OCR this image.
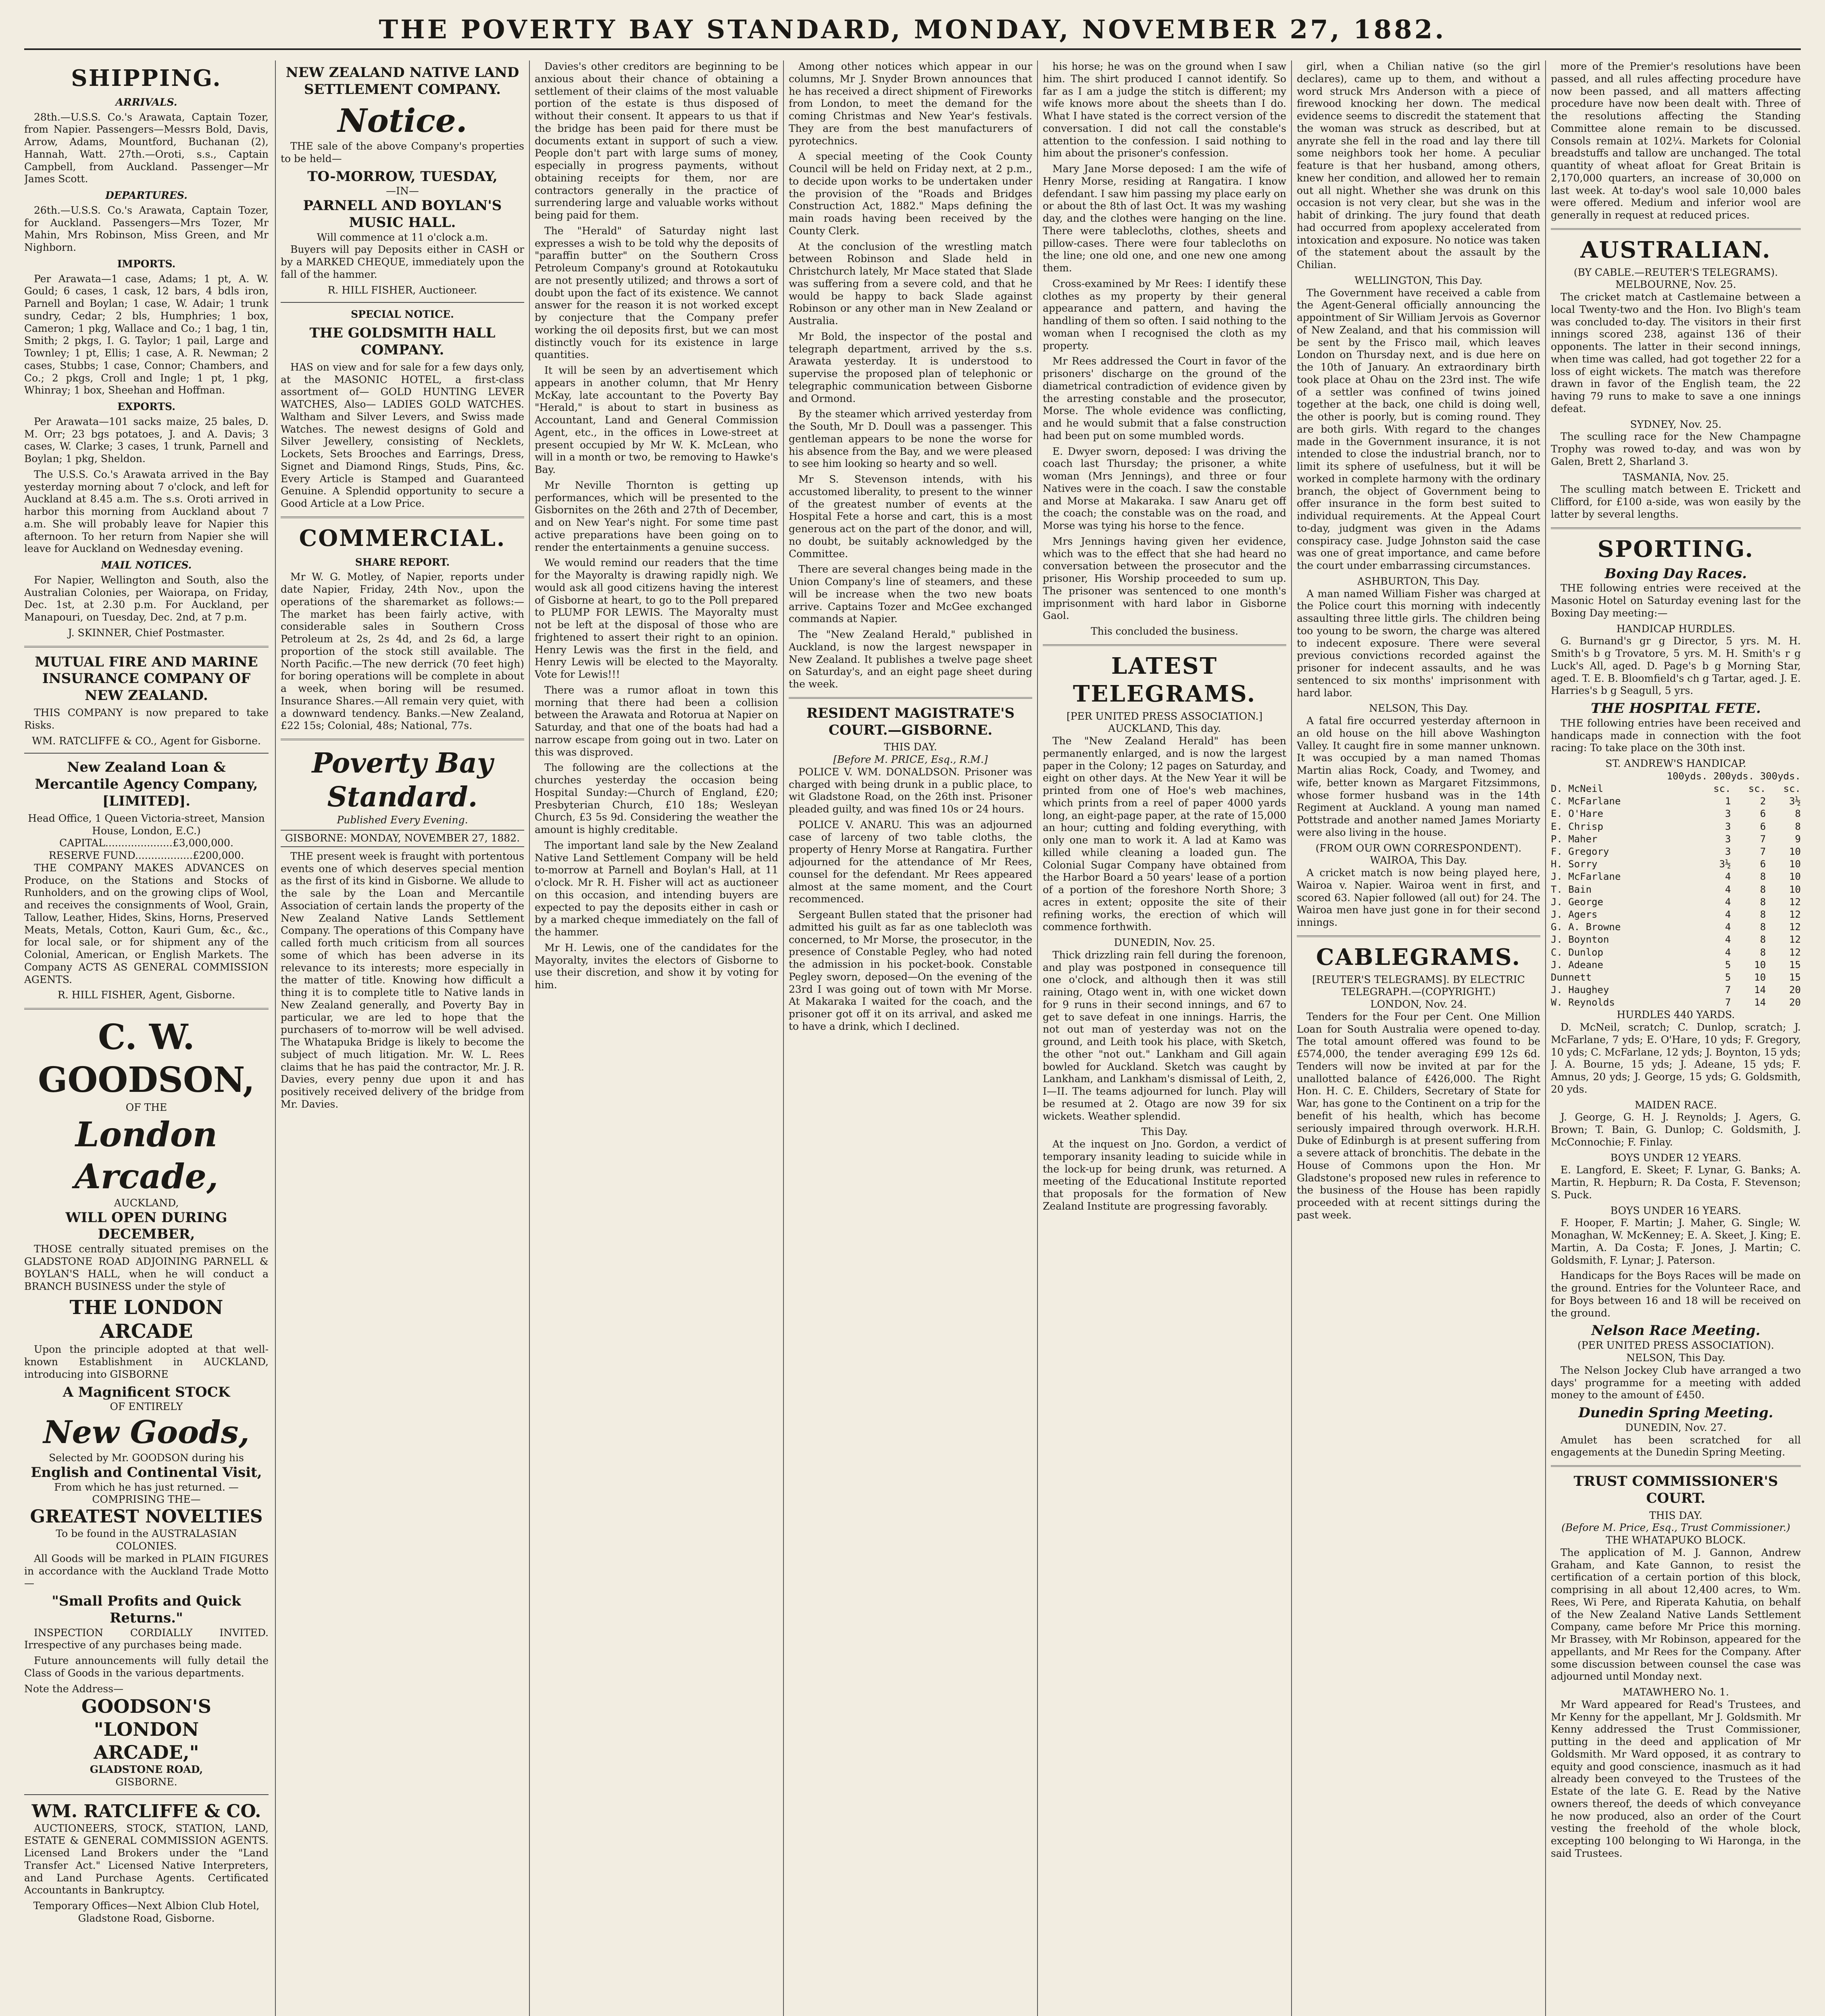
THE POVERTY BAY STANDARD, MONDAY, NOVEMBER 27, 1882.
SHIPPING.
ARRIVALS.

28th.—U.S.S. Co.'s Arawata, Captain Tozer, from Napier. Passengers—Messrs Bold, Davis, Arrow, Adams, Mountford, Buchanan (2), Hannah, Watt. 27th.—Oroti, s.s., Captain Campbell, from Auckland. Passenger—Mr James Scott.

DEPARTURES.

26th.—U.S.S. Co.'s Arawata, Captain Tozer, for Auckland. Passengers—Mrs Tozer, Mr Mahin, Mrs Robinson, Miss Green, and Mr Nighborn.

IMPORTS.

Per Arawata—1 case, Adams; 1 pt, A. W. Gould; 6 cases, 1 cask, 12 bars, 4 bdls iron, Parnell and Boylan; 1 case, W. Adair; 1 trunk sundry, Cedar; 2 bls, Humphries; 1 box, Cameron; 1 pkg, Wallace and Co.; 1 bag, 1 tin, Smith; 2 pkgs, I. G. Taylor; 1 pail, Large and Townley; 1 pt, Ellis; 1 case, A. R. Newman; 2 cases, Stubbs; 1 case, Connor; Chambers, and Co.; 2 pkgs, Croll and Ingle; 1 pt, 1 pkg, Whinray; 1 box, Sheehan and Hoffman.

EXPORTS.

Per Arawata—101 sacks maize, 25 bales, D. M. Orr; 23 bgs potatoes, J. and A. Davis; 3 cases, W. Clarke; 3 cases, 1 trunk, Parnell and Boylan; 1 pkg, Sheldon.

The U.S.S. Co.'s Arawata arrived in the Bay yesterday morning about 7 o'clock, and left for Auckland at 8.45 a.m. The s.s. Oroti arrived in harbor this morning from Auckland about 7 a.m. She will probably leave for Napier this afternoon. To her return from Napier she will leave for Auckland on Wednesday evening.

MAIL NOTICES.

For Napier, Wellington and South, also the Australian Colonies, per Waiorapa, on Friday, Dec. 1st, at 2.30 p.m. For Auckland, per Manapouri, on Tuesday, Dec. 2nd, at 7 p.m.

J. SKINNER, Chief Postmaster.
MUTUAL FIRE AND MARINE INSURANCE COMPANY OF NEW ZEALAND.

THIS COMPANY is now prepared to take Risks.

WM. RATCLIFFE & CO., Agent for Gisborne.
New Zealand Loan & Mercantile Agency Company, [LIMITED].
Head Office, 1 Queen Victoria-street, Mansion House, London, E.C.)
CAPITAL.....................£3,000,000.
RESERVE FUND..................£200,000.

THE COMPANY MAKES ADVANCES on Produce, on the Stations and Stocks of Runholders, and on the growing clips of Wool, and receives the consignments of Wool, Grain, Tallow, Leather, Hides, Skins, Horns, Preserved Meats, Metals, Cotton, Kauri Gum, &c., &c., for local sale, or for shipment any of the Colonial, American, or English Markets. The Company ACTS AS GENERAL COMMISSION AGENTS.

R. HILL FISHER, Agent, Gisborne.
C. W. GOODSON,
OF THE
London Arcade,
AUCKLAND,
WILL OPEN DURING DECEMBER,

THOSE centrally situated premises on the GLADSTONE ROAD ADJOINING PARNELL & BOYLAN'S HALL, when he will conduct a BRANCH BUSINESS under the style of

THE LONDON ARCADE

Upon the principle adopted at that well-known Establishment in AUCKLAND, introducing into GISBORNE

A Magnificent STOCK
OF ENTIRELY
New Goods,
Selected by Mr. GOODSON during his
English and Continental Visit,
From which he has just returned. —COMPRISING THE—
GREATEST NOVELTIES
To be found in the AUSTRALASIAN COLONIES.

All Goods will be marked in PLAIN FIGURES in accordance with the Auckland Trade Motto—

"Small Profits and Quick Returns."

INSPECTION CORDIALLY INVITED. Irrespective of any purchases being made.

Future announcements will fully detail the Class of Goods in the various departments.

Note the Address—
GOODSON'S
"LONDON
ARCADE,"
GLADSTONE ROAD,
GISBORNE.
WM. RATCLIFFE & CO.

AUCTIONEERS, STOCK, STATION, LAND, ESTATE & GENERAL COMMISSION AGENTS. Licensed Land Brokers under the "Land Transfer Act." Licensed Native Interpreters, and Land Purchase Agents. Certificated Accountants in Bankruptcy.

Temporary Offices—Next Albion Club Hotel, Gladstone Road, Gisborne.
NEW ZEALAND NATIVE LAND SETTLEMENT COMPANY.
Notice.

THE sale of the above Company's properties to be held—

TO-MORROW, TUESDAY,
—IN—
PARNELL AND BOYLAN'S MUSIC HALL.
Will commence at 11 o'clock a.m.

Buyers will pay Deposits either in CASH or by a MARKED CHEQUE, immediately upon the fall of the hammer.

R. HILL FISHER, Auctioneer.
SPECIAL NOTICE.
THE GOLDSMITH HALL COMPANY.

HAS on view and for sale for a few days only, at the MASONIC HOTEL, a first-class assortment of— GOLD HUNTING LEVER WATCHES, Also— LADIES GOLD WATCHES. Waltham and Silver Levers, and Swiss made Watches. The newest designs of Gold and Silver Jewellery, consisting of Necklets, Lockets, Sets Brooches and Earrings, Dress, Signet and Diamond Rings, Studs, Pins, &c. Every Article is Stamped and Guaranteed Genuine. A Splendid opportunity to secure a Good Article at a Low Price.

COMMERCIAL.
SHARE REPORT.

Mr W. G. Motley, of Napier, reports under date Napier, Friday, 24th Nov., upon the operations of the sharemarket as follows:— The market has been fairly active, with considerable sales in Southern Cross Petroleum at 2s, 2s 4d, and 2s 6d, a large proportion of the stock still available. The North Pacific.—The new derrick (70 feet high) for boring operations will be complete in about a week, when boring will be resumed. Insurance Shares.—All remain very quiet, with a downward tendency. Banks.—New Zealand, £22 15s; Colonial, 48s; National, 77s.

Poverty Bay Standard.
Published Every Evening.
GISBORNE: MONDAY, NOVEMBER 27, 1882.

THE present week is fraught with portentous events one of which deserves special mention as the first of its kind in Gisborne. We allude to the sale by the Loan and Mercantile Association of certain lands the property of the New Zealand Native Lands Settlement Company. The operations of this Company have called forth much criticism from all sources some of which has been adverse in its relevance to its interests; more especially in the matter of title. Knowing how difficult a thing it is to complete title to Native lands in New Zealand generally, and Poverty Bay in particular, we are led to hope that the purchasers of to-morrow will be well advised. The Whatapuka Bridge is likely to become the subject of much litigation. Mr. W. L. Rees claims that he has paid the contractor, Mr. J. R. Davies, every penny due upon it and has positively received delivery of the bridge from Mr. Davies.

Davies's other creditors are beginning to be anxious about their chance of obtaining a settlement of their claims of the most valuable portion of the estate is thus disposed of without their consent. It appears to us that if the bridge has been paid for there must be documents extant in support of such a view. People don't part with large sums of money, especially in progress payments, without obtaining receipts for them, nor are contractors generally in the practice of surrendering large and valuable works without being paid for them.

The "Herald" of Saturday night last expresses a wish to be told why the deposits of "paraffin butter" on the Southern Cross Petroleum Company's ground at Rotokautuku are not presently utilized; and throws a sort of doubt upon the fact of its existence. We cannot answer for the reason it is not worked except by conjecture that the Company prefer working the oil deposits first, but we can most distinctly vouch for its existence in large quantities.

It will be seen by an advertisement which appears in another column, that Mr Henry McKay, late accountant to the Poverty Bay "Herald," is about to start in business as Accountant, Land and General Commission Agent, etc., in the offices in Lowe-street at present occupied by Mr W. K. McLean, who will in a month or two, be removing to Hawke's Bay.

Mr Neville Thornton is getting up performances, which will be presented to the Gisbornites on the 26th and 27th of December, and on New Year's night. For some time past active preparations have been going on to render the entertainments a genuine success.

We would remind our readers that the time for the Mayoralty is drawing rapidly nigh. We would ask all good citizens having the interest of Gisborne at heart, to go to the Poll prepared to PLUMP FOR LEWIS. The Mayoralty must not be left at the disposal of those who are frightened to assert their right to an opinion. Henry Lewis was the first in the field, and Henry Lewis will be elected to the Mayoralty. Vote for Lewis!!!

There was a rumor afloat in town this morning that there had been a collision between the Arawata and Rotorua at Napier on Saturday, and that one of the boats had had a narrow escape from going out in two. Later on this was disproved.

The following are the collections at the churches yesterday the occasion being Hospital Sunday:—Church of England, £20; Presbyterian Church, £10 18s; Wesleyan Church, £3 5s 9d. Considering the weather the amount is highly creditable.

The important land sale by the New Zealand Native Land Settlement Company will be held to-morrow at Parnell and Boylan's Hall, at 11 o'clock. Mr R. H. Fisher will act as auctioneer on this occasion, and intending buyers are expected to pay the deposits either in cash or by a marked cheque immediately on the fall of the hammer.

Mr H. Lewis, one of the candidates for the Mayoralty, invites the electors of Gisborne to use their discretion, and show it by voting for him.

Among other notices which appear in our columns, Mr J. Snyder Brown announces that he has received a direct shipment of Fireworks from London, to meet the demand for the coming Christmas and New Year's festivals. They are from the best manufacturers of pyrotechnics.

A special meeting of the Cook County Council will be held on Friday next, at 2 p.m., to decide upon works to be undertaken under the provision of the "Roads and Bridges Construction Act, 1882." Maps defining the main roads having been received by the County Clerk.

At the conclusion of the wrestling match between Robinson and Slade held in Christchurch lately, Mr Mace stated that Slade was suffering from a severe cold, and that he would be happy to back Slade against Robinson or any other man in New Zealand or Australia.

Mr Bold, the inspector of the postal and telegraph department, arrived by the s.s. Arawata yesterday. It is understood to supervise the proposed plan of telephonic or telegraphic communication between Gisborne and Ormond.

By the steamer which arrived yesterday from the South, Mr D. Doull was a passenger. This gentleman appears to be none the worse for his absence from the Bay, and we were pleased to see him looking so hearty and so well.

Mr S. Stevenson intends, with his accustomed liberality, to present to the winner of the greatest number of events at the Hospital Fete a horse and cart, this is a most generous act on the part of the donor, and will, no doubt, be suitably acknowledged by the Committee.

There are several changes being made in the Union Company's line of steamers, and these will be increase when the two new boats arrive. Captains Tozer and McGee exchanged commands at Napier.

The "New Zealand Herald," published in Auckland, is now the largest newspaper in New Zealand. It publishes a twelve page sheet on Saturday's, and an eight page sheet during the week.

RESIDENT MAGISTRATE'S COURT.—GISBORNE.
THIS DAY.
[Before M. PRICE, Esq., R.M.]

POLICE V. WM. DONALDSON. Prisoner was charged with being drunk in a public place, to wit Gladstone Road, on the 26th inst. Prisoner pleaded guilty, and was fined 10s or 24 hours.

POLICE V. ANARU. This was an adjourned case of larceny of two table cloths, the property of Henry Morse at Rangatira. Further adjourned for the attendance of Mr Rees, counsel for the defendant. Mr Rees appeared almost at the same moment, and the Court recommenced.

Sergeant Bullen stated that the prisoner had admitted his guilt as far as one tablecloth was concerned, to Mr Morse, the prosecutor, in the presence of Constable Pegley, who had noted the admission in his pocket-book. Constable Pegley sworn, deposed—On the evening of the 23rd I was going out of town with Mr Morse. At Makaraka I waited for the coach, and the prisoner got off it on its arrival, and asked me to have a drink, which I declined.

his horse; he was on the ground when I saw him. The shirt produced I cannot identify. So far as I am a judge the stitch is different; my wife knows more about the sheets than I do. What I have stated is the correct version of the conversation. I did not call the constable's attention to the confession. I said nothing to him about the prisoner's confession.

Mary Jane Morse deposed: I am the wife of Henry Morse, residing at Rangatira. I know defendant. I saw him passing my place early on or about the 8th of last Oct. It was my washing day, and the clothes were hanging on the line. There were tablecloths, clothes, sheets and pillow-cases. There were four tablecloths on the line; one old one, and one new one among them.

Cross-examined by Mr Rees: I identify these clothes as my property by their general appearance and pattern, and having the handling of them so often. I said nothing to the woman when I recognised the cloth as my property.

Mr Rees addressed the Court in favor of the prisoners' discharge on the ground of the diametrical contradiction of evidence given by the arresting constable and the prosecutor, Morse. The whole evidence was conflicting, and he would submit that a false construction had been put on some mumbled words.

E. Dwyer sworn, deposed: I was driving the coach last Thursday; the prisoner, a white woman (Mrs Jennings), and three or four Natives were in the coach. I saw the constable and Morse at Makaraka. I saw Anaru get off the coach; the constable was on the road, and Morse was tying his horse to the fence.

Mrs Jennings having given her evidence, which was to the effect that she had heard no conversation between the prosecutor and the prisoner, His Worship proceeded to sum up. The prisoner was sentenced to one month's imprisonment with hard labor in Gisborne Gaol.

This concluded the business.
LATEST TELEGRAMS.
[PER UNITED PRESS ASSOCIATION.]
AUCKLAND, This day.

The "New Zealand Herald" has been permanently enlarged, and is now the largest paper in the Colony; 12 pages on Saturday, and eight on other days. At the New Year it will be printed from one of Hoe's web machines, which prints from a reel of paper 4000 yards long, an eight-page paper, at the rate of 15,000 an hour; cutting and folding everything, with only one man to work it. A lad at Kamo was killed while cleaning a loaded gun. The Colonial Sugar Company have obtained from the Harbor Board a 50 years' lease of a portion of a portion of the foreshore North Shore; 3 acres in extent; opposite the site of their refining works, the erection of which will commence forthwith.

DUNEDIN, Nov. 25.

Thick drizzling rain fell during the forenoon, and play was postponed in consequence till one o'clock, and although then it was still raining, Otago went in, with one wicket down for 9 runs in their second innings, and 67 to get to save defeat in one innings. Harris, the not out man of yesterday was not on the ground, and Leith took his place, with Sketch, the other "not out." Lankham and Gill again bowled for Auckland. Sketch was caught by Lankham, and Lankham's dismissal of Leith, 2, I—II. The teams adjourned for lunch. Play will be resumed at 2. Otago are now 39 for six wickets. Weather splendid.

This Day.

At the inquest on Jno. Gordon, a verdict of temporary insanity leading to suicide while in the lock-up for being drunk, was returned. A meeting of the Educational Institute reported that proposals for the formation of New Zealand Institute are progressing favorably.

girl, when a Chilian native (so the girl declares), came up to them, and without a word struck Mrs Anderson with a piece of firewood knocking her down. The medical evidence seems to discredit the statement that the woman was struck as described, but at anyrate she fell in the road and lay there till some neighbors took her home. A peculiar feature is that her husband, among others, knew her condition, and allowed her to remain out all night. Whether she was drunk on this occasion is not very clear, but she was in the habit of drinking. The jury found that death had occurred from apoplexy accelerated from intoxication and exposure. No notice was taken of the statement about the assault by the Chilian.

WELLINGTON, This Day.

The Government have received a cable from the Agent-General officially announcing the appointment of Sir William Jervois as Governor of New Zealand, and that his commission will be sent by the Frisco mail, which leaves London on Thursday next, and is due here on the 10th of January. An extraordinary birth took place at Ohau on the 23rd inst. The wife of a settler was confined of twins joined together at the back, one child is doing well, the other is poorly, but is coming round. They are both girls. With regard to the changes made in the Government insurance, it is not intended to close the industrial branch, nor to limit its sphere of usefulness, but it will be worked in complete harmony with the ordinary branch, the object of Government being to offer insurance in the form best suited to individual requirements. At the Appeal Court to-day, judgment was given in the Adams conspiracy case. Judge Johnston said the case was one of great importance, and came before the court under embarrassing circumstances.

ASHBURTON, This Day.

A man named William Fisher was charged at the Police court this morning with indecently assaulting three little girls. The children being too young to be sworn, the charge was altered to indecent exposure. There were several previous convictions recorded against the prisoner for indecent assaults, and he was sentenced to six months' imprisonment with hard labor.

NELSON, This Day.

A fatal fire occurred yesterday afternoon in an old house on the hill above Washington Valley. It caught fire in some manner unknown. It was occupied by a man named Thomas Martin alias Rock, Coady, and Twomey, and wife, better known as Margaret Fitzsimmons, whose former husband was in the 14th Regiment at Auckland. A young man named Pottstrade and another named James Moriarty were also living in the house.

(FROM OUR OWN CORRESPONDENT). WAIROA, This Day.

A cricket match is now being played here, Wairoa v. Napier. Wairoa went in first, and scored 63. Napier followed (all out) for 24. The Wairoa men have just gone in for their second innings.

CABLEGRAMS.
[REUTER'S TELEGRAMS]. BY ELECTRIC TELEGRAPH.—(COPYRIGHT.)
LONDON, Nov. 24.

Tenders for the Four per Cent. One Million Loan for South Australia were opened to-day. The total amount offered was found to be £574,000, the tender averaging £99 12s 6d. Tenders will now be invited at par for the unallotted balance of £426,000. The Right Hon. H. C. E. Childers, Secretary of State for War, has gone to the Continent on a trip for the benefit of his health, which has become seriously impaired through overwork. H.R.H. Duke of Edinburgh is at present suffering from a severe attack of bronchitis. The debate in the House of Commons upon the Hon. Mr Gladstone's proposed new rules in reference to the business of the House has been rapidly proceeded with at recent sittings during the past week.

more of the Premier's resolutions have been passed, and all rules affecting procedure have now been passed, and all matters affecting procedure have now been dealt with. Three of the resolutions affecting the Standing Committee alone remain to be discussed. Consols remain at 102¼. Markets for Colonial breadstuffs and tallow are unchanged. The total quantity of wheat afloat for Great Britain is 2,170,000 quarters, an increase of 30,000 on last week. At to-day's wool sale 10,000 bales were offered. Medium and inferior wool are generally in request at reduced prices.

AUSTRALIAN.
(BY CABLE.—REUTER'S TELEGRAMS).
MELBOURNE, Nov. 25.

The cricket match at Castlemaine between a local Twenty-two and the Hon. Ivo Bligh's team was concluded to-day. The visitors in their first innings scored 238, against 136 of their opponents. The latter in their second innings, when time was called, had got together 22 for a loss of eight wickets. The match was therefore drawn in favor of the English team, the 22 having 79 runs to make to save a one innings defeat.

SYDNEY, Nov. 25.

The sculling race for the New Champagne Trophy was rowed to-day, and was won by Galen, Brett 2, Sharland 3.

TASMANIA, Nov. 25.

The sculling match between E. Trickett and Clifford, for £100 a-side, was won easily by the latter by several lengths.

SPORTING.
Boxing Day Races.

THE following entries were received at the Masonic Hotel on Saturday evening last for the Boxing Day meeting:—

HANDICAP HURDLES.

G. Burnand's gr g Director, 5 yrs. M. H. Smith's b g Trovatore, 5 yrs. M. H. Smith's r g Luck's All, aged. D. Page's b g Morning Star, aged. T. E. B. Bloomfield's ch g Tartar, aged. J. E. Harries's b g Seagull, 5 yrs.

THE HOSPITAL FETE.

THE following entries have been received and handicaps made in connection with the foot racing: To take place on the 30th inst.

ST. ANDREW'S HANDICAP.
100yds. 200yds. 300yds.
D. McNeil	sc.   sc.   sc.
C. McFarlane	1     2    3½
E. O'Hare	3     6     8
E. Chrisp	3     6     8
P. Maher	3     7     9
F. Gregory	3     7    10
H. Sorry	3½     6    10
J. McFarlane	4     8    10
T. Bain	4     8    10
J. George	4     8    12
J. Agers	4     8    12
G. A. Browne	4     8    12
J. Boynton	4     8    12
C. Dunlop	4     8    12
J. Adeane	5    10    15
Dunnett	5    10    15
J. Haughey	7    14    20
W. Reynolds	7    14    20
HURDLES 440 YARDS.

D. McNeil, scratch; C. Dunlop, scratch; J. McFarlane, 7 yds; E. O'Hare, 10 yds; F. Gregory, 10 yds; C. McFarlane, 12 yds; J. Boynton, 15 yds; J. A. Bourne, 15 yds; J. Adeane, 15 yds; F. Amnus, 20 yds; J. George, 15 yds; G. Goldsmith, 20 yds.

MAIDEN RACE.

J. George, G. H. J. Reynolds; J. Agers, G. Brown; T. Bain, G. Dunlop; C. Goldsmith, J. McConnochie; F. Finlay.

BOYS UNDER 12 YEARS.

E. Langford, E. Skeet; F. Lynar, G. Banks; A. Martin, R. Hepburn; R. Da Costa, F. Stevenson; S. Puck.

BOYS UNDER 16 YEARS.

F. Hooper, F. Martin; J. Maher, G. Single; W. Monaghan, W. McKenney; E. A. Skeet, J. King; E. Martin, A. Da Costa; F. Jones, J. Martin; C. Goldsmith, F. Lynar; J. Paterson.

Handicaps for the Boys Races will be made on the ground. Entries for the Volunteer Race, and for Boys between 16 and 18 will be received on the ground.

Nelson Race Meeting.
(PER UNITED PRESS ASSOCIATION).
NELSON, This Day.

The Nelson Jockey Club have arranged a two days' programme for a meeting with added money to the amount of £450.

Dunedin Spring Meeting.
DUNEDIN, Nov. 27.

Amulet has been scratched for all engagements at the Dunedin Spring Meeting.

TRUST COMMISSIONER'S COURT.
THIS DAY.
(Before M. Price, Esq., Trust Commissioner.)
THE WHATAPUKO BLOCK.

The application of M. J. Gannon, Andrew Graham, and Kate Gannon, to resist the certification of a certain portion of this block, comprising in all about 12,400 acres, to Wm. Rees, Wi Pere, and Riperata Kahutia, on behalf of the New Zealand Native Lands Settlement Company, came before Mr Price this morning. Mr Brassey, with Mr Robinson, appeared for the appellants, and Mr Rees for the Company. After some discussion between counsel the case was adjourned until Monday next.

MATAWHERO No. 1.

Mr Ward appeared for Read's Trustees, and Mr Kenny for the appellant, Mr J. Goldsmith. Mr Kenny addressed the Trust Commissioner, putting in the deed and application of Mr Goldsmith. Mr Ward opposed, it as contrary to equity and good conscience, inasmuch as it had already been conveyed to the Trustees of the Estate of the late G. E. Read by the Native owners thereof, the deeds of which conveyance he now produced, also an order of the Court vesting the freehold of the whole block, excepting 100 belonging to Wi Haronga, in the said Trustees.
